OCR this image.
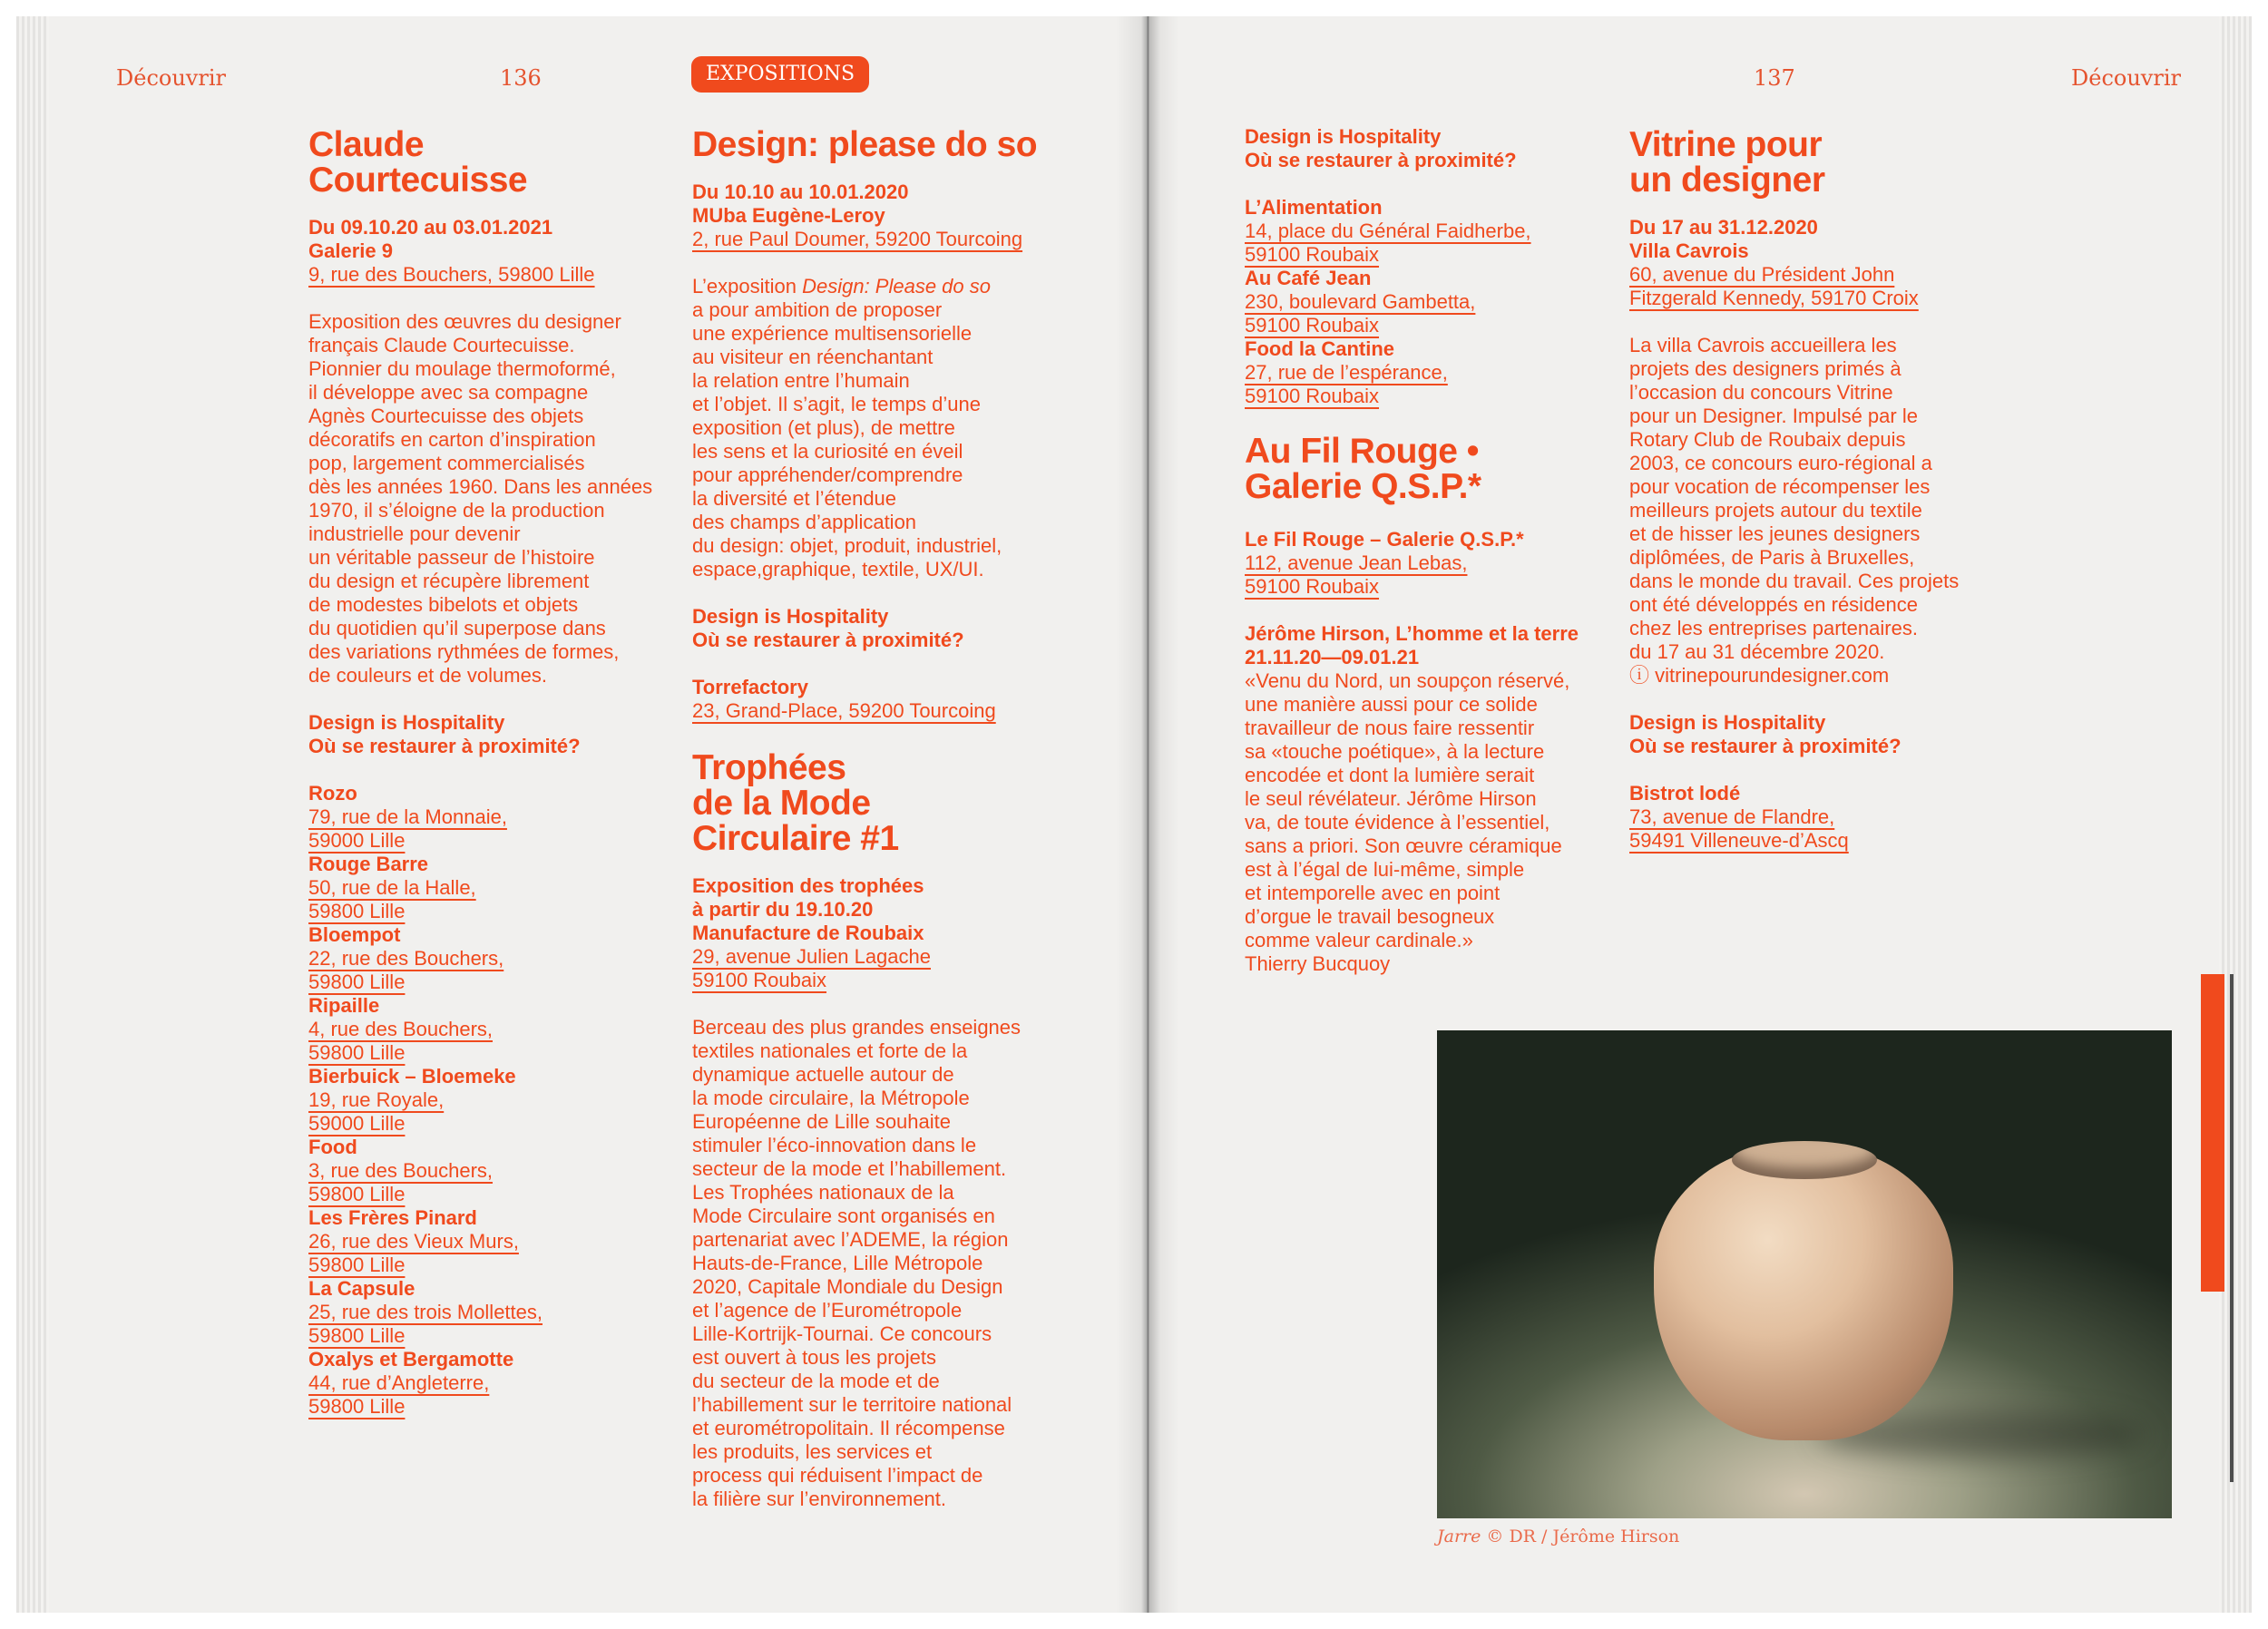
Découvrir	136	EXPOSITIONS	137	Découvrir
Claude
Courtecuisse
Du 09.10.20 au 03.01.2021
Galerie 9
9, rue des Bouchers, 59800 Lille
Exposition des œuvres du designer
français Claude Courtecuisse.
Pionnier du moulage thermoformé,
il développe avec sa compagne
Agnès Courtecuisse des objets
décoratifs en carton d’inspiration
pop, largement commercialisés
dès les années 1960. Dans les années
1970, il s’éloigne de la production
industrielle pour devenir
un véritable passeur de l’histoire
du design et récupère librement
de modestes bibelots et objets
du quotidien qu’il superpose dans
des variations rythmées de formes,
de couleurs et de volumes.
Design is Hospitality
Où se restaurer à proximité?
Rozo
79, rue de la Monnaie,
59000 Lille
Rouge Barre
50, rue de la Halle,
59800 Lille
Bloempot
22, rue des Bouchers,
59800 Lille
Ripaille
4, rue des Bouchers,
59800 Lille
Bierbuick – Bloemeke
19, rue Royale,
59000 Lille
Food
3, rue des Bouchers,
59800 Lille
Les Frères Pinard
26, rue des Vieux Murs,
59800 Lille
La Capsule
25, rue des trois Mollettes,
59800 Lille
Oxalys et Bergamotte
44, rue d’Angleterre,
59800 Lille
Design: please do so
Du 10.10 au 10.01.2020
MUba Eugène-Leroy
2, rue Paul Doumer, 59200 Tourcoing
L’exposition Design: Please do so
a pour ambition de proposer
une expérience multisensorielle
au visiteur en réenchantant
la relation entre l’humain
et l’objet. Il s’agit, le temps d’une
exposition (et plus), de mettre
les sens et la curiosité en éveil
pour appréhender/comprendre
la diversité et l’étendue
des champs d’application
du design: objet, produit, industriel,
espace,graphique, textile, UX/UI.
Design is Hospitality
Où se restaurer à proximité?
Torrefactory
23, Grand-Place, 59200 Tourcoing
Trophées
de la Mode
Circulaire #1
Exposition des trophées
à partir du 19.10.20
Manufacture de Roubaix
29, avenue Julien Lagache
59100 Roubaix
Berceau des plus grandes enseignes
textiles nationales et forte de la
dynamique actuelle autour de
la mode circulaire, la Métropole
Européenne de Lille souhaite
stimuler l’éco-innovation dans le
secteur de la mode et l’habillement.
Les Trophées nationaux de la
Mode Circulaire sont organisés en
partenariat avec l’ADEME, la région
Hauts-de-France, Lille Métropole
2020, Capitale Mondiale du Design
et l’agence de l’Eurométropole
Lille-Kortrijk-Tournai. Ce concours
est ouvert à tous les projets
du secteur de la mode et de
l’habillement sur le territoire national
et eurométropolitain. Il récompense
les produits, les services et
process qui réduisent l’impact de
la filière sur l’environnement.
Design is Hospitality
Où se restaurer à proximité?
L’Alimentation
14, place du Général Faidherbe,
59100 Roubaix
Au Café Jean
230, boulevard Gambetta,
59100 Roubaix
Food la Cantine
27, rue de l’espérance,
59100 Roubaix
Au Fil Rouge •
Galerie Q.S.P.*
Le Fil Rouge – Galerie Q.S.P.*
112, avenue Jean Lebas,
59100 Roubaix
Jérôme Hirson, L’homme et la terre
21.11.20—09.01.21
«Venu du Nord, un soupçon réservé,
une manière aussi pour ce solide
travailleur de nous faire ressentir
sa «touche poétique», à la lecture
encodée et dont la lumière serait
le seul révélateur. Jérôme Hirson
va, de toute évidence à l’essentiel,
sans a priori. Son œuvre céramique
est à l’égal de lui-même, simple
et intemporelle avec en point
d’orgue le travail besogneux
comme valeur cardinale.»
Thierry Bucquoy
Vitrine pour
un designer
Du 17 au 31.12.2020
Villa Cavrois
60, avenue du Président John
Fitzgerald Kennedy, 59170 Croix
La villa Cavrois accueillera les
projets des designers primés à
l’occasion du concours Vitrine
pour un Designer. Impulsé par le
Rotary Club de Roubaix depuis
2003, ce concours euro-régional a
pour vocation de récompenser les
meilleurs projets autour du textile
et de hisser les jeunes designers
diplômées, de Paris à Bruxelles,
dans le monde du travail. Ces projets
ont été développés en résidence
chez les entreprises partenaires.
du 17 au 31 décembre 2020.
ⓘ vitrinepourundesigner.com
Design is Hospitality
Où se restaurer à proximité?
Bistrot lodé
73, avenue de Flandre,
59491 Villeneuve-d’Ascq
Jarre © DR / Jérôme Hirson
